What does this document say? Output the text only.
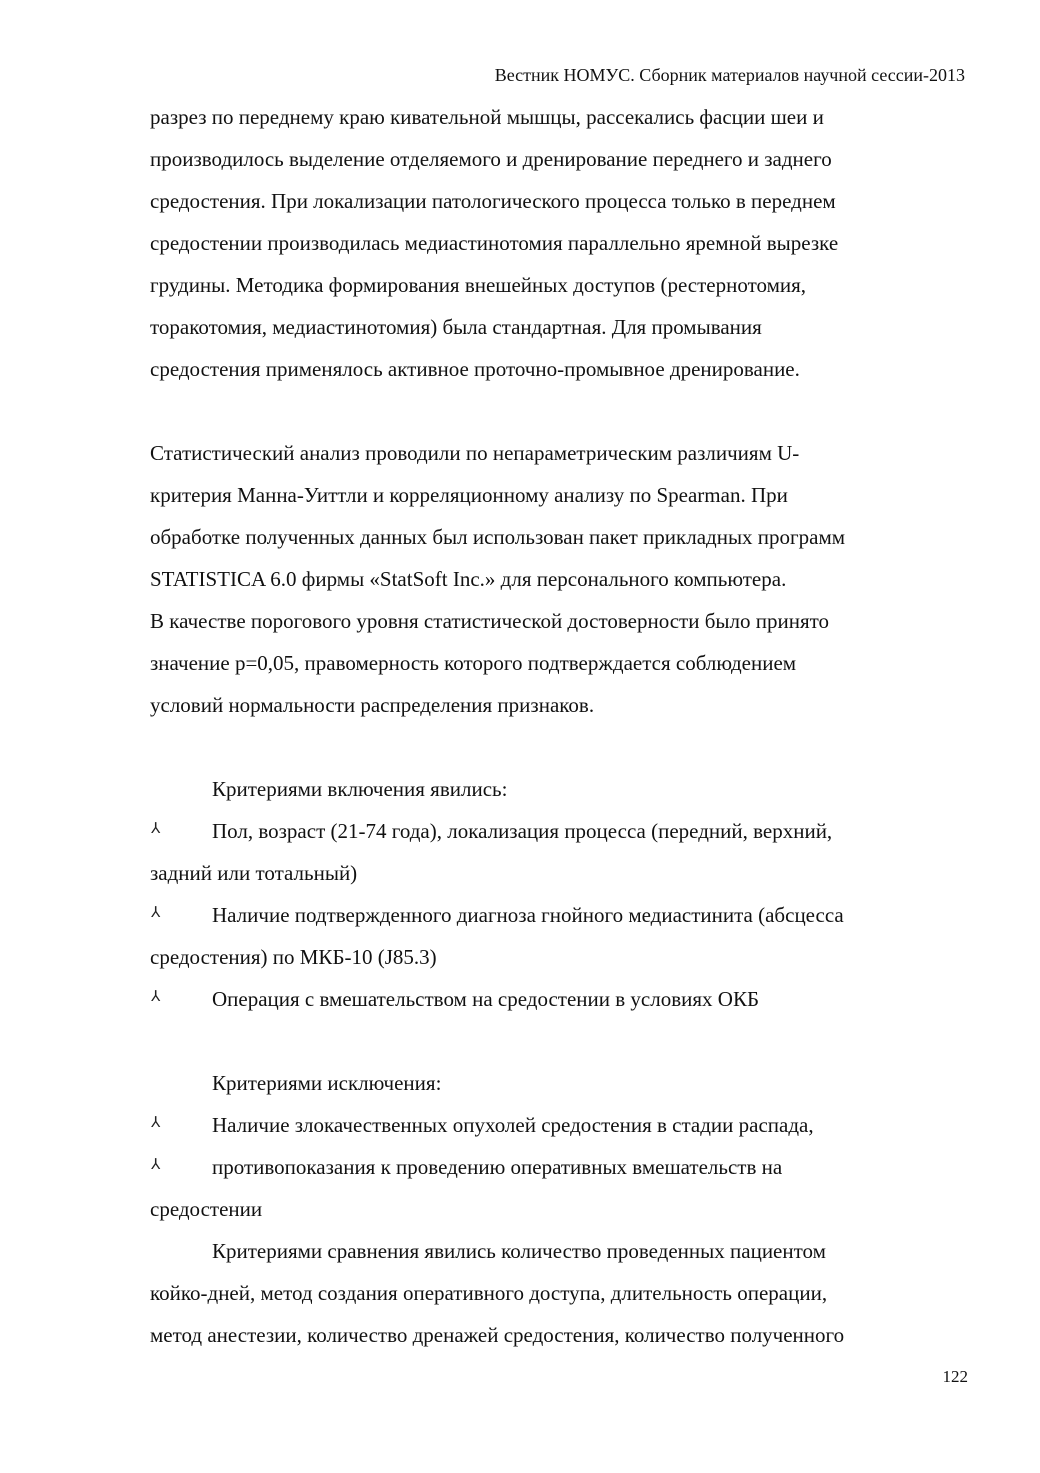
Вестник НОМУС. Сборник материалов научной сессии-2013
разрез по переднему краю кивательной мышцы, рассекались фасции шеи и
производилось выделение отделяемого и дренирование переднего и заднего
средостения. При локализации патологического процесса только в переднем
средостении производилась медиастинотомия параллельно яремной вырезке
грудины. Методика формирования внешейных доступов (рестернотомия,
торакотомия, медиастинотомия) была стандартная. Для промывания
средостения применялось активное проточно-промывное дренирование.
Статистический анализ проводили по непараметрическим различиям U-
критерия Манна-Уиттли и корреляционному анализу по Spearman. При
обработке полученных данных был использован пакет прикладных программ
STATISTICA 6.0 фирмы «StatSoft Inc.» для персонального компьютера.
В качестве порогового уровня статистической достоверности было принято
значение р=0,05, правомерность которого подтверждается соблюдением
условий нормальности распределения признаков.
Критериями включения явились:
⅄ Пол, возраст (21-74 года), локализация процесса (передний, верхний,
задний или тотальный)
⅄ Наличие подтвержденного диагноза гнойного медиастинита (абсцесса
средостения) по МКБ-10 (J85.3)
⅄ Операция с вмешательством на средостении в условиях ОКБ
Критериями исключения:
⅄ Наличие злокачественных опухолей средостения в стадии распада,
⅄ противопоказания к проведению оперативных вмешательств на
средостении
Критериями сравнения явились количество проведенных пациентом
койко-дней, метод создания оперативного доступа, длительность операции,
метод анестезии, количество дренажей средостения, количество полученного
122
